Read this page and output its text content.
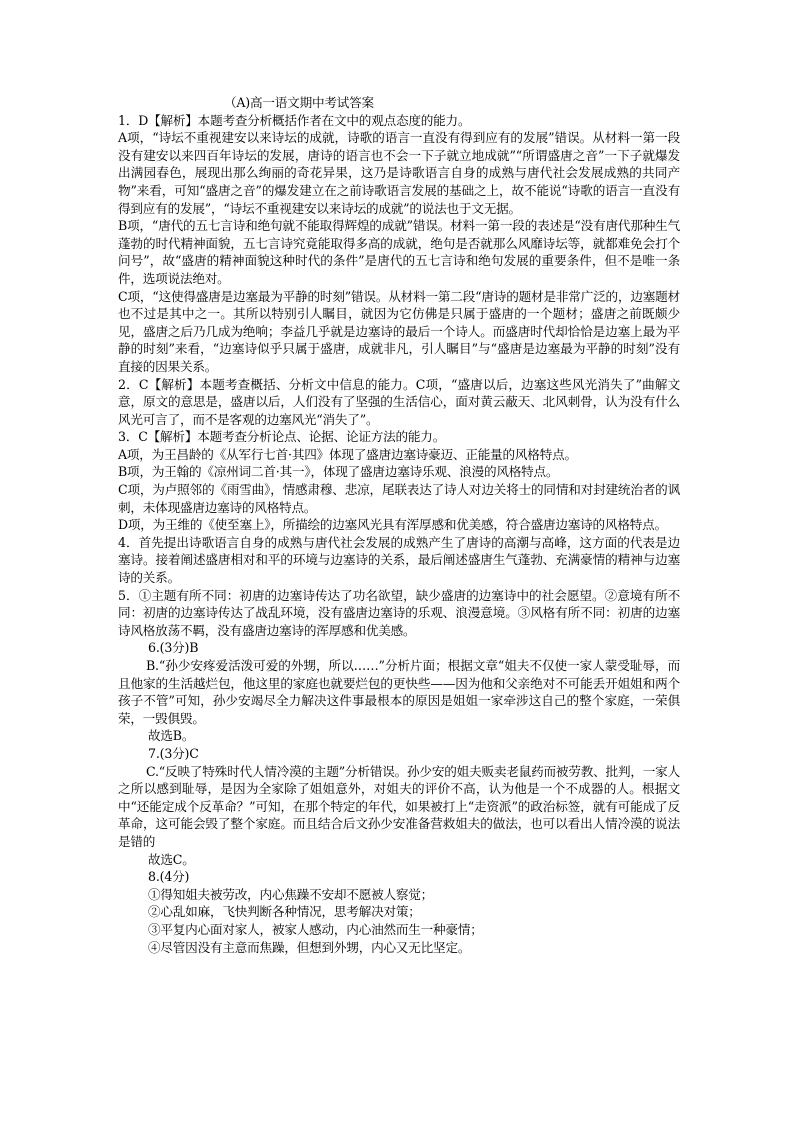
（A)高一语文期中考试答案

1．D【解析】本题考查分析概括作者在文中的观点态度的能力。

A项，“诗坛不重视建安以来诗坛的成就，诗歌的语言一直没有得到应有的发展”错误。从材料一第一段没有建安以来四百年诗坛的发展，唐诗的语言也不会一下子就立地成就”“所谓盛唐之音”一下子就爆发出满园春色，展现出那么绚丽的奇花异果，这乃是诗歌语言自身的成熟与唐代社会发展成熟的共同产物”来看，可知“盛唐之音”的爆发建立在之前诗歌语言发展的基础之上，故不能说“诗歌的语言一直没有得到应有的发展”，“诗坛不重视建安以来诗坛的成就”的说法也于文无据。

B项，“唐代的五七言诗和绝句就不能取得辉煌的成就”错误。材料一第一段的表述是“没有唐代那种生气蓬勃的时代精神面貌，五七言诗究竟能取得多高的成就，绝句是否就那么风靡诗坛等，就都难免会打个问号”，故“盛唐的精神面貌这种时代的条件”是唐代的五七言诗和绝句发展的重要条件，但不是唯一条件，选项说法绝对。

C项，“这使得盛唐是边塞最为平静的时刻”错误。从材料一第二段“唐诗的题材是非常广泛的，边塞题材也不过是其中之一。其所以特别引人瞩目，就因为它仿佛是只属于盛唐的一个题材；盛唐之前既颇少见，盛唐之后乃几成为绝响；李益几乎就是边塞诗的最后一个诗人。而盛唐时代却恰恰是边塞上最为平静的时刻”来看，“边塞诗似乎只属于盛唐，成就非凡，引人瞩目”与“盛唐是边塞最为平静的时刻”没有直接的因果关系。

2．C【解析】本题考查概括、分析文中信息的能力。C项，“盛唐以后，边塞这些风光消失了”曲解文意，原文的意思是，盛唐以后，人们没有了坚强的生活信心，面对黄云蔽天、北风刺骨，认为没有什么风光可言了，而不是客观的边塞风光“消失了”。

3．C【解析】本题考查分析论点、论据、论证方法的能力。

A项，为王昌龄的《从军行七首·其四》体现了盛唐边塞诗豪迈、正能量的风格特点。

B项，为王翰的《凉州词二首·其一》，体现了盛唐边塞诗乐观、浪漫的风格特点。

C项，为卢照邻的《雨雪曲》，情感肃穆、悲凉，尾联表达了诗人对边关将士的同情和对封建统治者的讽刺，未体现盛唐边塞诗的风格特点。

D项，为王维的《使至塞上》，所描绘的边塞风光具有浑厚感和优美感，符合盛唐边塞诗的风格特点。

4．首先提出诗歌语言自身的成熟与唐代社会发展的成熟产生了唐诗的高潮与高峰，这方面的代表是边塞诗。接着阐述盛唐相对和平的环境与边塞诗的关系，最后阐述盛唐生气蓬勃、充满豪情的精神与边塞诗的关系。

5．①主题有所不同：初唐的边塞诗传达了功名欲望，缺少盛唐的边塞诗中的社会愿望。②意境有所不同：初唐的边塞诗传达了战乱环境，没有盛唐边塞诗的乐观、浪漫意境。③风格有所不同：初唐的边塞诗风格放荡不羁，没有盛唐边塞诗的浑厚感和优美感。

6.(3分)B

B.“孙少安疼爱活泼可爱的外甥，所以……”分析片面；根据文章“姐夫不仅使一家人蒙受耻辱，而且他家的生活越烂包，他这里的家庭也就要烂包的更快些——因为他和父亲绝对不可能丢开姐姐和两个孩子不管”可知，孙少安竭尽全力解决这件事最根本的原因是姐姐一家牵涉这自己的整个家庭，一荣俱荣，一毁俱毁。

故选B。

7.(3分)C

C.“反映了特殊时代人情冷漠的主题”分析错误。孙少安的姐夫贩卖老鼠药而被劳教、批判，一家人之所以感到耻辱，是因为全家除了姐姐意外，对姐夫的评价不高，认为他是一个不成器的人。根据文中“还能定成个反革命？”可知，在那个特定的年代，如果被打上“走资派”的政治标签，就有可能成了反革命，这可能会毁了整个家庭。而且结合后文孙少安准备营救姐夫的做法，也可以看出人情冷漠的说法是错的

故选C。

8.(4分)

①得知姐夫被劳改，内心焦躁不安却不愿被人察觉；

②心乱如麻，飞快判断各种情况，思考解决对策；

③平复内心面对家人，被家人感动，内心油然而生一种豪情；

④尽管因没有主意而焦躁，但想到外甥，内心又无比坚定。
